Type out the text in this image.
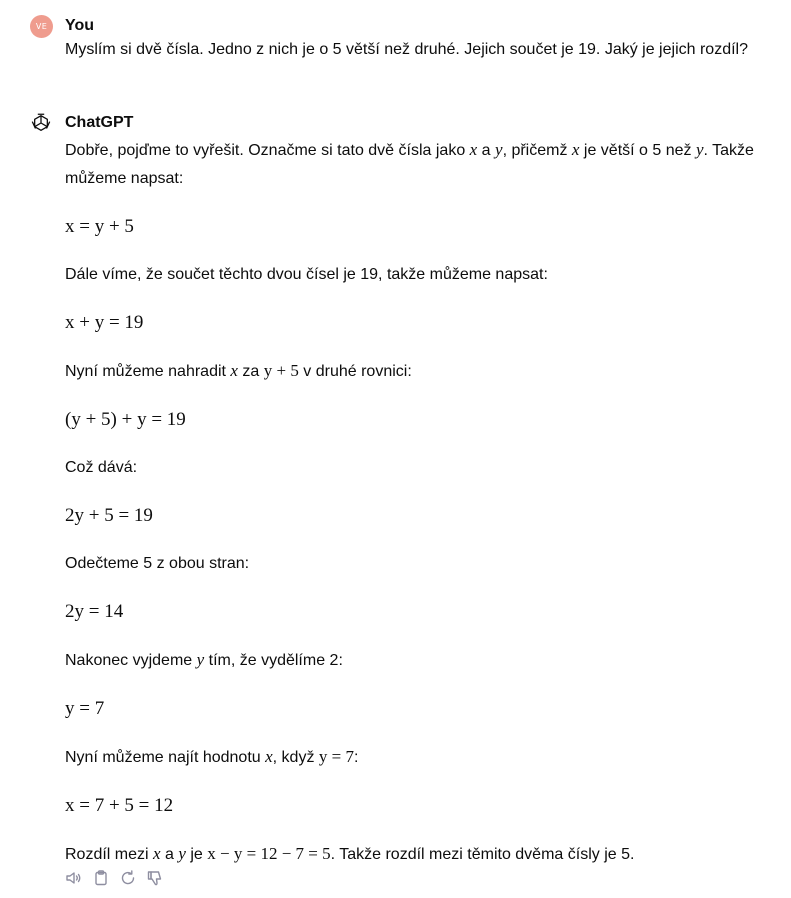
VE	You
Myslím si dvě čísla. Jedno z nich je o 5 větší než druhé. Jejich součet je 19. Jaký je jejich rozdíl?
ChatGPT

Dobře, pojďme to vyřešit. Označme si tato dvě čísla jako x a y, přičemž x je větší o 5 než y. Takže můžeme napsat:

x = y + 5

Dále víme, že součet těchto dvou čísel je 19, takže můžeme napsat:

x + y = 19

Nyní můžeme nahradit x za y + 5 v druhé rovnici:

(y + 5) + y = 19

Což dává:

2y + 5 = 19

Odečteme 5 z obou stran:

2y = 14

Nakonec vyjdeme y tím, že vydělíme 2:

y = 7

Nyní můžeme najít hodnotu x, když y = 7:

x = 7 + 5 = 12

Rozdíl mezi x a y je x − y = 12 − 7 = 5. Takže rozdíl mezi těmito dvěma čísly je 5.
